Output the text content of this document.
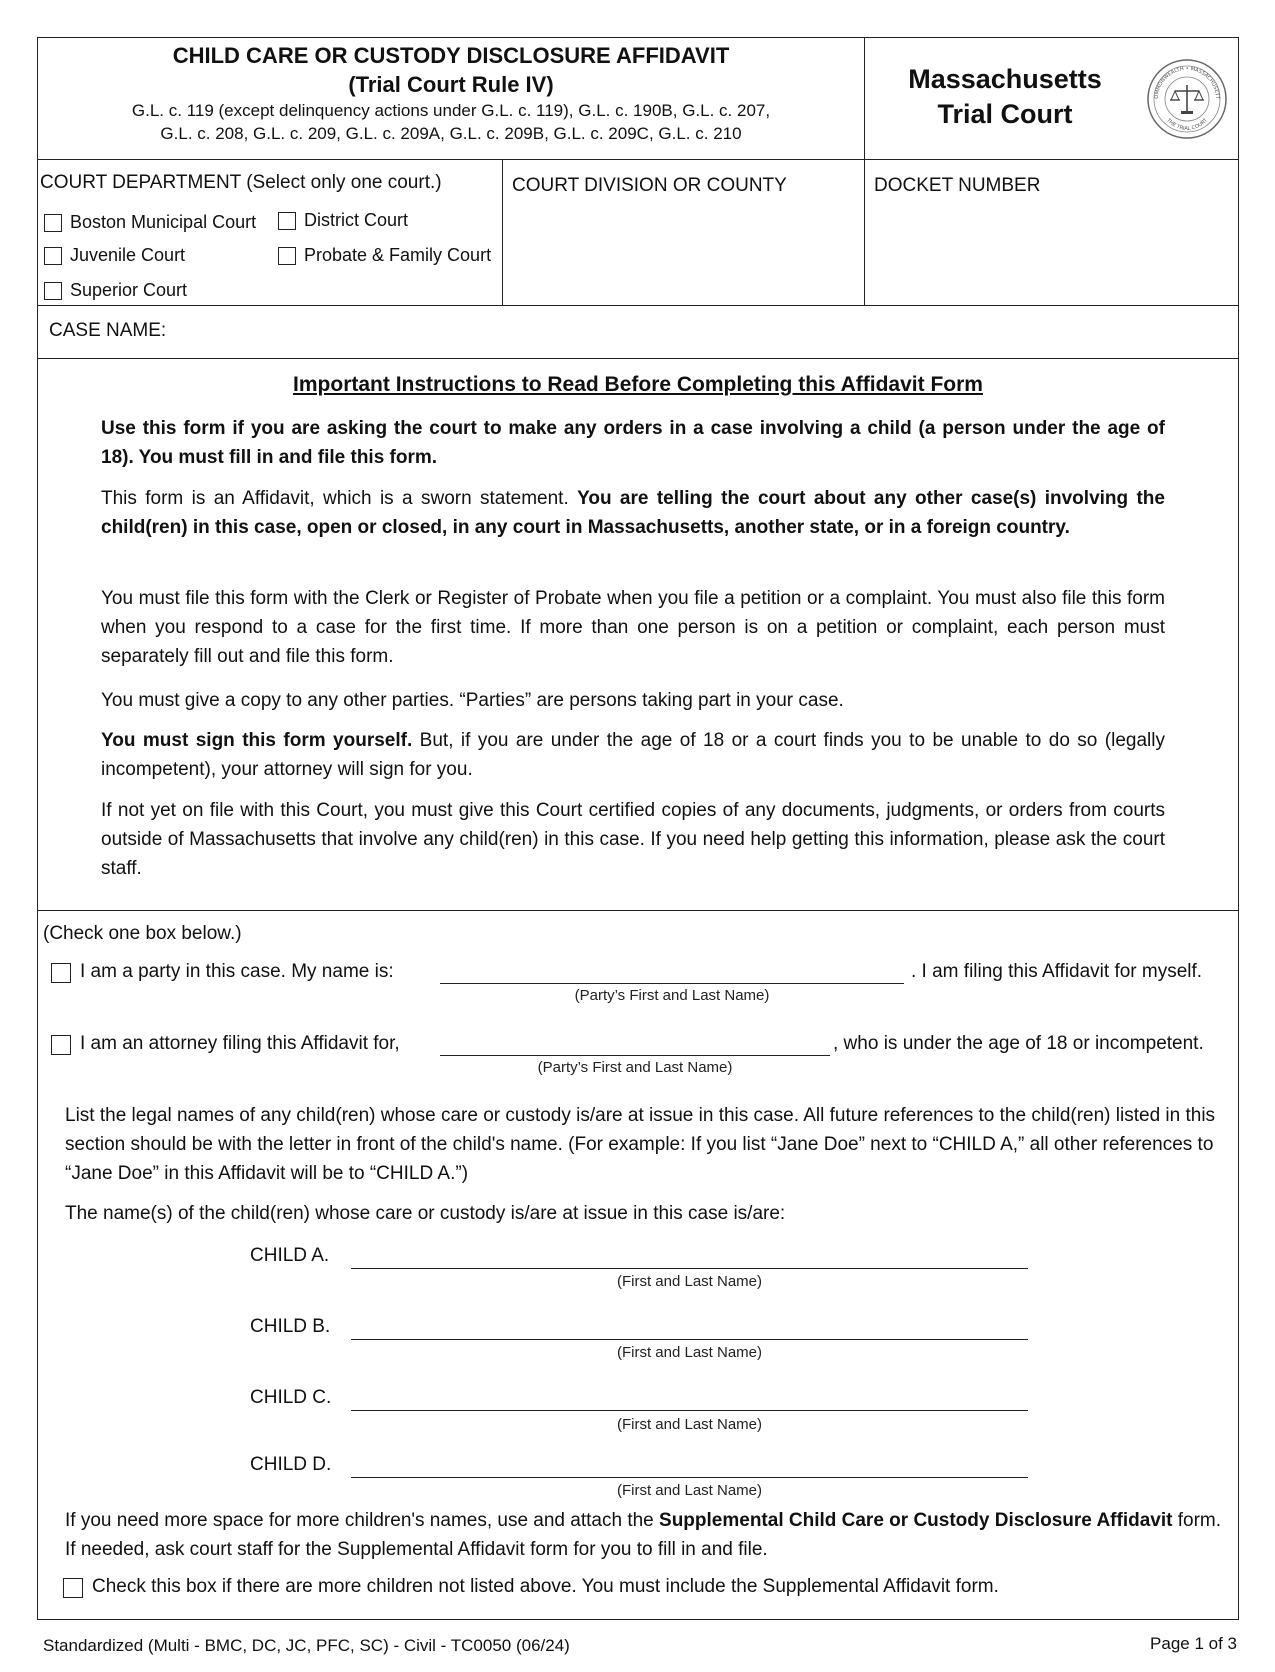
CHILD CARE OR CUSTODY DISCLOSURE AFFIDAVIT
(Trial Court Rule IV)
G.L. c. 119 (except delinquency actions under G.L. c. 119), G.L. c. 190B, G.L. c. 207,
G.L. c. 208, G.L. c. 209, G.L. c. 209A, G.L. c. 209B, G.L. c. 209C, G.L. c. 210
Massachusetts
Trial Court
OMMONWEALTH • MASSACHUSETT
THE TRIAL COURT
COURT DEPARTMENT (Select only one court.)
Boston Municipal Court	District Court
Juvenile Court	Probate & Family Court
Superior Court
COURT DIVISION OR COUNTY	DOCKET NUMBER
CASE NAME:
Important Instructions to Read Before Completing this Affidavit Form
Use this form if you are asking the court to make any orders in a case involving a child (a person under the age of 18). You must fill in and file this form.
This form is an Affidavit, which is a sworn statement. You are telling the court about any other case(s) involving the child(ren) in this case, open or closed, in any court in Massachusetts, another state, or in a foreign country.
You must file this form with the Clerk or Register of Probate when you file a petition or a complaint. You must also file this form when you respond to a case for the first time. If more than one person is on a petition or complaint, each person must separately fill out and file this form.
You must give a copy to any other parties. “Parties” are persons taking part in your case.
You must sign this form yourself. But, if you are under the age of 18 or a court finds you to be unable to do so (legally incompetent), your attorney will sign for you.
If not yet on file with this Court, you must give this Court certified copies of any documents, judgments, or orders from courts outside of Massachusetts that involve any child(ren) in this case. If you need help getting this information, please ask the court staff.
(Check one box below.)
I am a party in this case. My name is:	. I am filing this Affidavit for myself.
(Party’s First and Last Name)
I am an attorney filing this Affidavit for,	, who is under the age of 18 or incompetent.
(Party’s First and Last Name)
List the legal names of any child(ren) whose care or custody is/are at issue in this case. All future references to the child(ren) listed in this section should be with the letter in front of the child's name. (For example: If you list “Jane Doe” next to “CHILD A,” all other references to “Jane Doe” in this Affidavit will be to “CHILD A.”)
The name(s) of the child(ren) whose care or custody is/are at issue in this case is/are:
CHILD A.
(First and Last Name)
CHILD B.
(First and Last Name)
CHILD C.
(First and Last Name)
CHILD D.
(First and Last Name)
If you need more space for more children's names, use and attach the Supplemental Child Care or Custody Disclosure Affidavit form. If needed, ask court staff for the Supplemental Affidavit form for you to fill in and file.
Check this box if there are more children not listed above. You must include the Supplemental Affidavit form.
Standardized (Multi - BMC, DC, JC, PFC, SC) - Civil - TC0050 (06/24)	Page 1 of 3
